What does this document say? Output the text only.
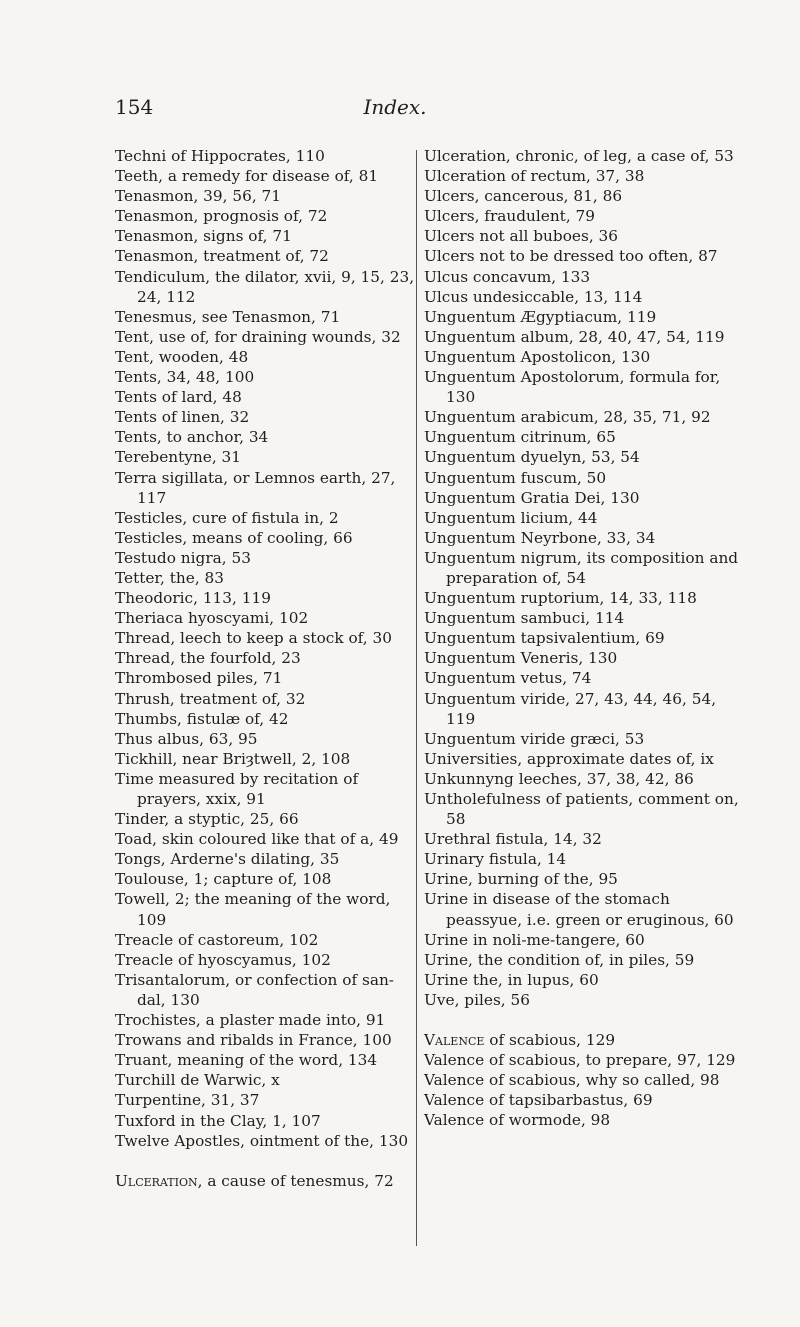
154	Index.
Techni of Hippocrates, 110
Teeth, a remedy for disease of, 81
Tenasmon, 39, 56, 71
Tenasmon, prognosis of, 72
Tenasmon, signs of, 71
Tenasmon, treatment of, 72
Tendiculum, the dilator, xvii, 9, 15, 23, 24, 112
Tenesmus, see Tenasmon, 71
Tent, use of, for draining wounds, 32
Tent, wooden, 48
Tents, 34, 48, 100
Tents of lard, 48
Tents of linen, 32
Tents, to anchor, 34
Terebentyne, 31
Terra sigillata, or Lemnos earth, 27, 117
Testicles, cure of fistula in, 2
Testicles, means of cooling, 66
Testudo nigra, 53
Tetter, the, 83
Theodoric, 113, 119
Theriaca hyoscyami, 102
Thread, leech to keep a stock of, 30
Thread, the fourfold, 23
Thrombosed piles, 71
Thrush, treatment of, 32
Thumbs, fistulæ of, 42
Thus albus, 63, 95
Tickhill, near Briȝtwell, 2, 108
Time measured by recitation of prayers, xxix, 91
Tinder, a styptic, 25, 66
Toad, skin coloured like that of a, 49
Tongs, Arderne's dilating, 35
Toulouse, 1; capture of, 108
Towell, 2; the meaning of the word, 109
Treacle of castoreum, 102
Treacle of hyoscyamus, 102
Trisantalorum, or confection of san-dal, 130
Trochistes, a plaster made into, 91
Trowans and ribalds in France, 100
Truant, meaning of the word, 134
Turchill de Warwic, x
Turpentine, 31, 37
Tuxford in the Clay, 1, 107
Twelve Apostles, ointment of the, 130
Ulceration, a cause of tenesmus, 72
Ulceration, chronic, of leg, a case of, 53
Ulceration of rectum, 37, 38
Ulcers, cancerous, 81, 86
Ulcers, fraudulent, 79
Ulcers not all buboes, 36
Ulcers not to be dressed too often, 87
Ulcus concavum, 133
Ulcus undesiccable, 13, 114
Unguentum Ægyptiacum, 119
Unguentum album, 28, 40, 47, 54, 119
Unguentum Apostolicon, 130
Unguentum Apostolorum, formula for, 130
Unguentum arabicum, 28, 35, 71, 92
Unguentum citrinum, 65
Unguentum dyuelyn, 53, 54
Unguentum fuscum, 50
Unguentum Gratia Dei, 130
Unguentum licium, 44
Unguentum Neyrbone, 33, 34
Unguentum nigrum, its composition and preparation of, 54
Unguentum ruptorium, 14, 33, 118
Unguentum sambuci, 114
Unguentum tapsivalentium, 69
Unguentum Veneris, 130
Unguentum vetus, 74
Unguentum viride, 27, 43, 44, 46, 54, 119
Unguentum viride græci, 53
Universities, approximate dates of, ix
Unkunnyng leeches, 37, 38, 42, 86
Untholefulness of patients, comment on, 58
Urethral fistula, 14, 32
Urinary fistula, 14
Urine, burning of the, 95
Urine in disease of the stomach peassyue, i.e. green or eruginous, 60
Urine in noli-me-tangere, 60
Urine, the condition of, in piles, 59
Urine the, in lupus, 60
Uve, piles, 56
Valence of scabious, 129
Valence of scabious, to prepare, 97, 129
Valence of scabious, why so called, 98
Valence of tapsibarbastus, 69
Valence of wormode, 98
